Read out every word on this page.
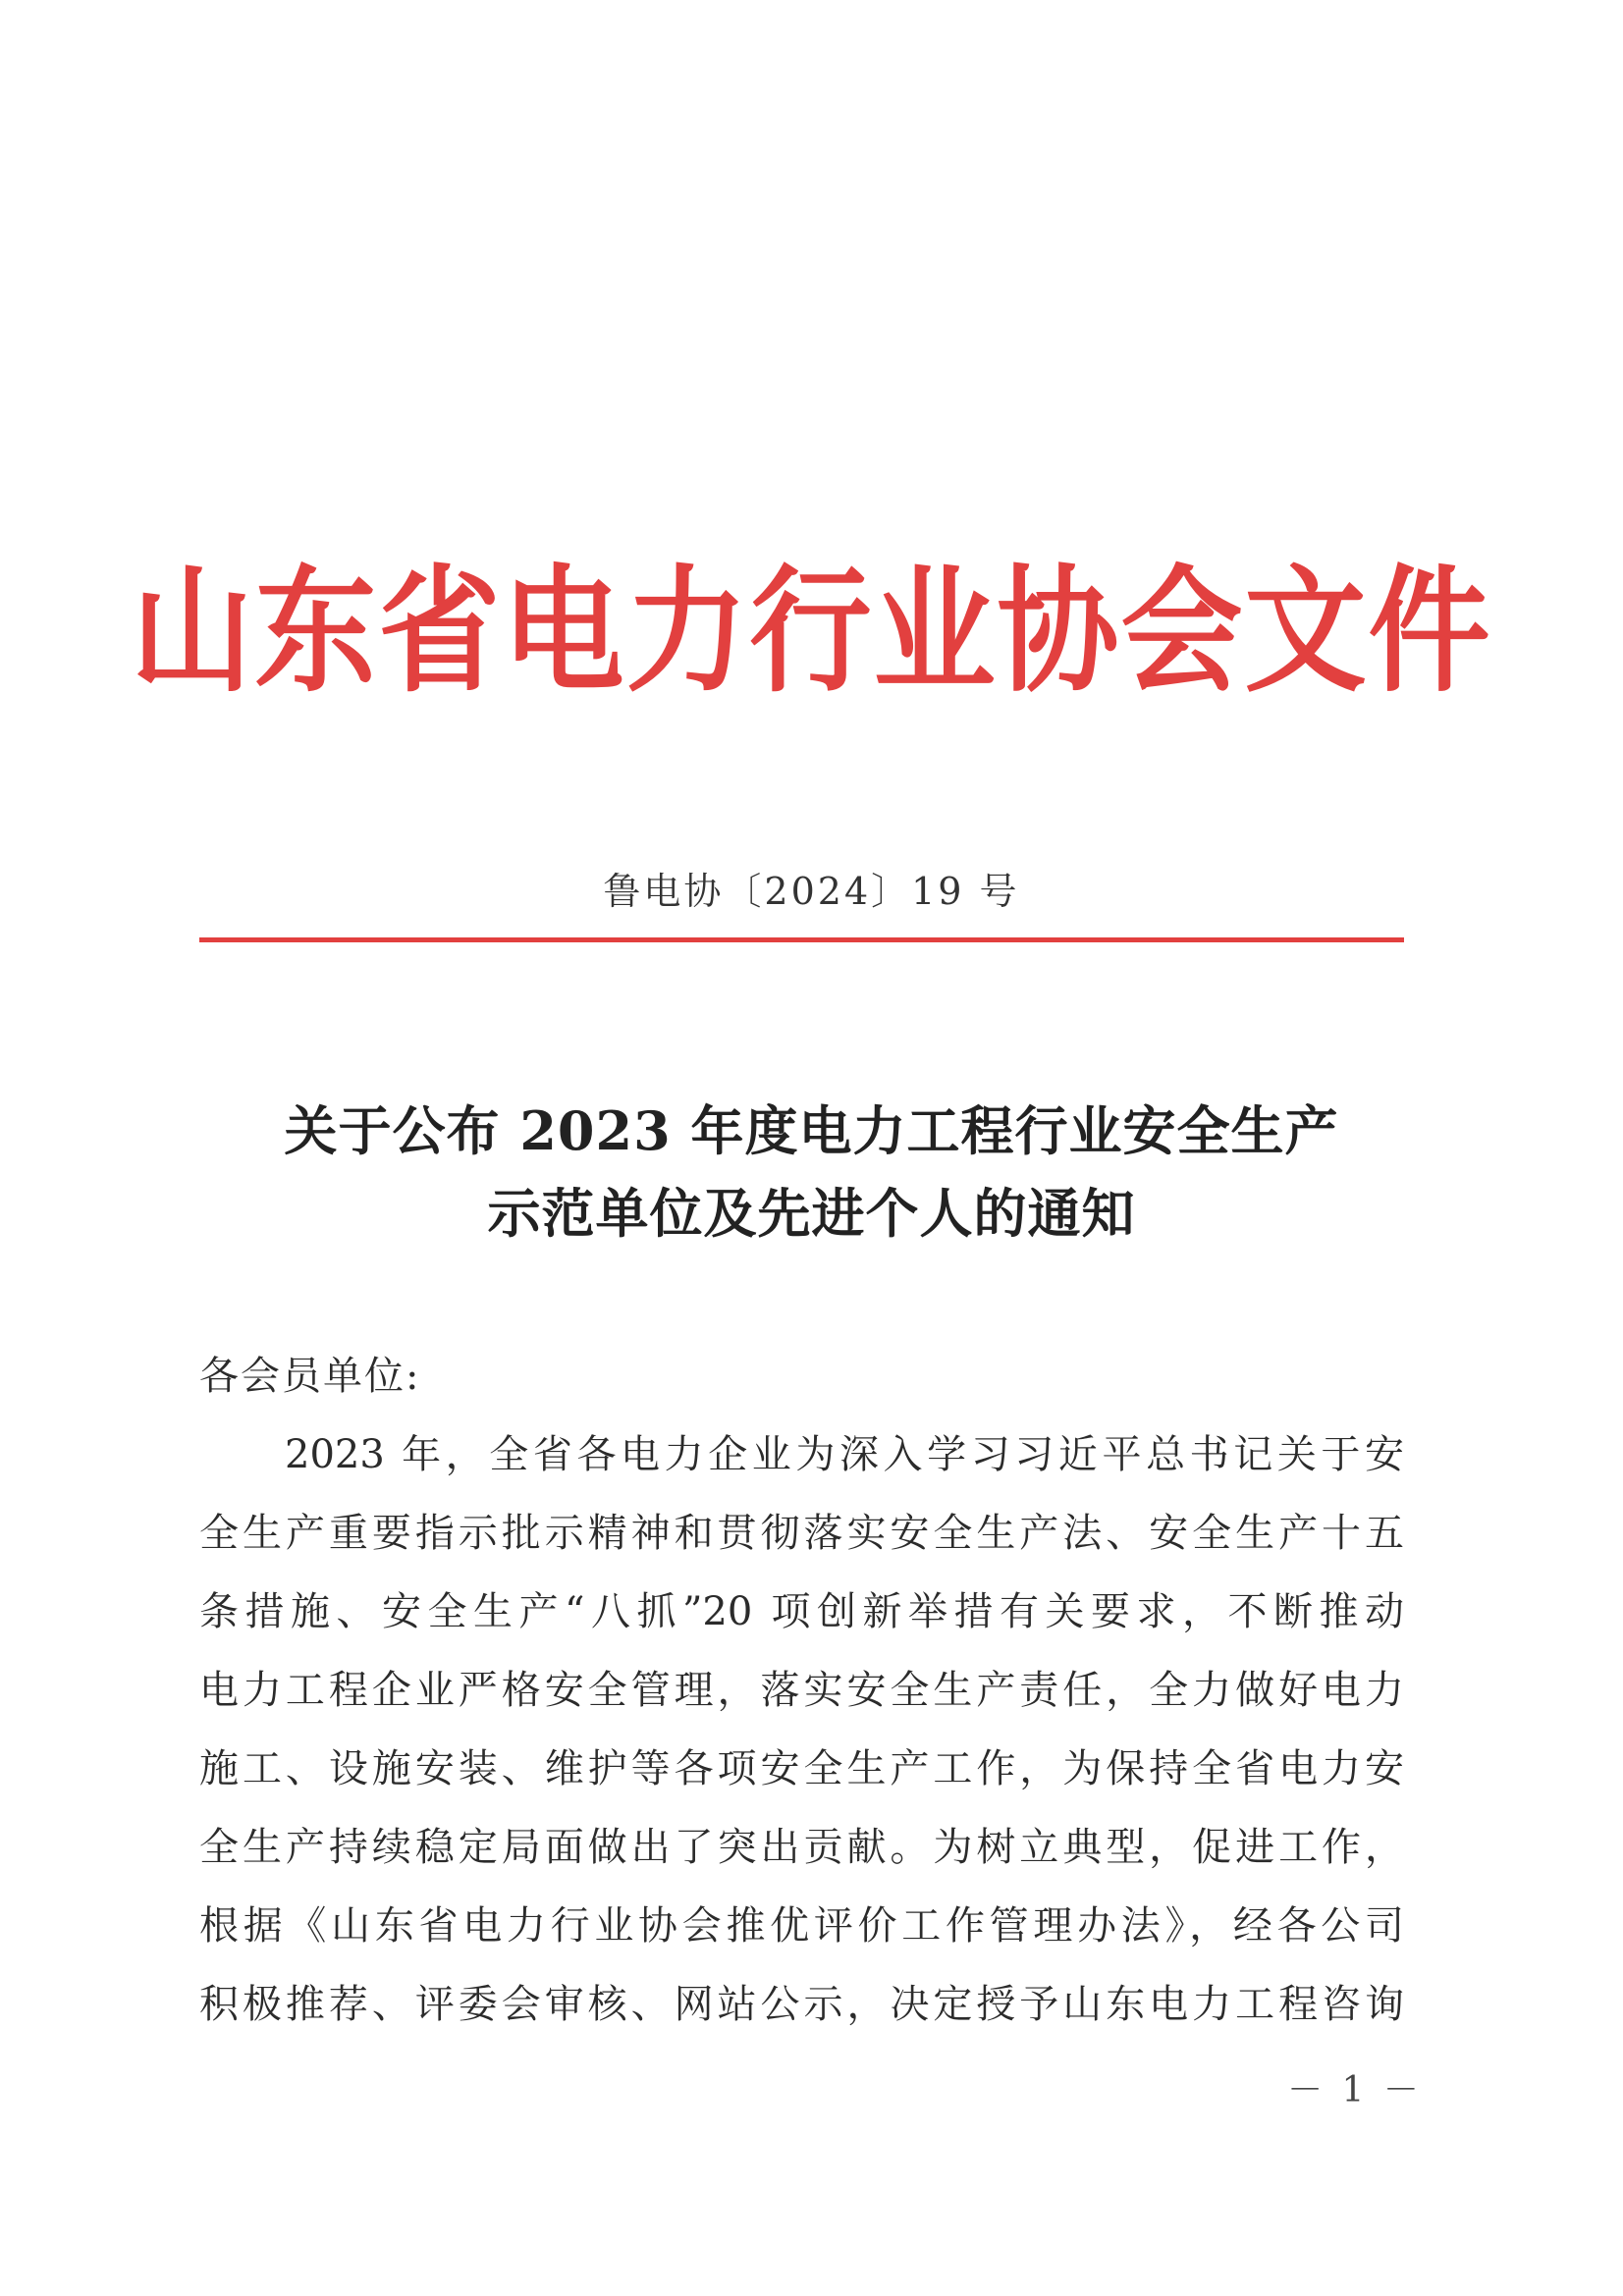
山东省电力行业协会文件
鲁电协〔2024〕19 号
关于公布 2023 年度电力工程行业安全生产
示范单位及先进个人的通知
各会员单位:
2023 年，全省各电力企业为深入学习习近平总书记关于安
全生产重要指示批示精神和贯彻落实安全生产法、安全生产十五
条措施、安全生产“八抓”20 项创新举措有关要求，不断推动
电力工程企业严格安全管理，落实安全生产责任，全力做好电力
施工、设施安装、维护等各项安全生产工作，为保持全省电力安
全生产持续稳定局面做出了突出贡献。为树立典型，促进工作，
根据《山东省电力行业协会推优评价工作管理办法》，经各公司
积极推荐、评委会审核、网站公示，决定授予山东电力工程咨询
－ 1 －
